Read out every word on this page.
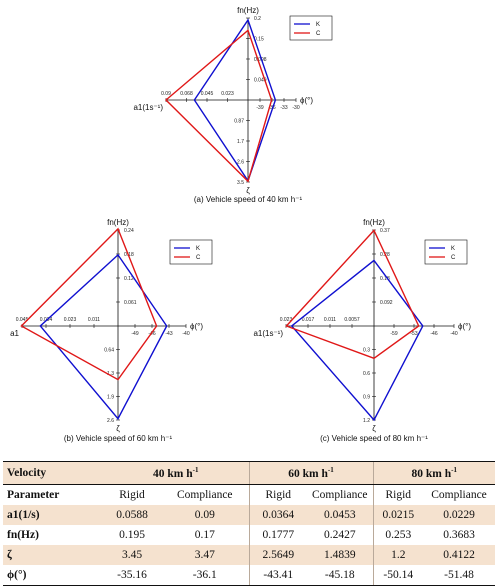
0.2
0.15
0.098
0.049
-39 -36 -33 -30
0.87
1.7
2.6
3.5
0.09 0.068 0.045 0.023
fn(Hz)
ϕ(°)
ζ
a1(1s⁻¹)
K
C
(a) Vehicle speed of 40 km h⁻¹
0.24
0.18
0.12
0.061
-49 -46 -43 -40
0.64
1.3
1.9
2.6
0.045 0.034 0.023 0.011
fn(Hz)
ϕ(°)
ζ
a1
K
C
(b) Vehicle speed of 60 km h⁻¹
0.37
0.28
0.18
0.092
-59	-53	-46	-40
0.3
0.6
0.9
1.2
0.023 0.017 0.011 0.0057
fn(Hz)
ϕ(°)
ζ
a1(1s⁻¹)
K
C
(c) Vehicle speed of 80 km h⁻¹
Velocity	40 km $h^{-1}$		60 km $h^{-1}$		80 km $h^{-1}$
Parameter	Rigid	Compliance	Rigid	Compliance	Rigid	Compliance
a1(1/s)	0.0588	0.09	0.0364	0.0453	0.0215	0.0229
fn(Hz)	0.195	0.17	0.1777	0.2427	0.253	0.3683
ζ	3.45	3.47	2.5649	1.4839	1.2	0.4122
ϕ(°)	-35.16	-36.1	-43.41	-45.18	-50.14	-51.48
